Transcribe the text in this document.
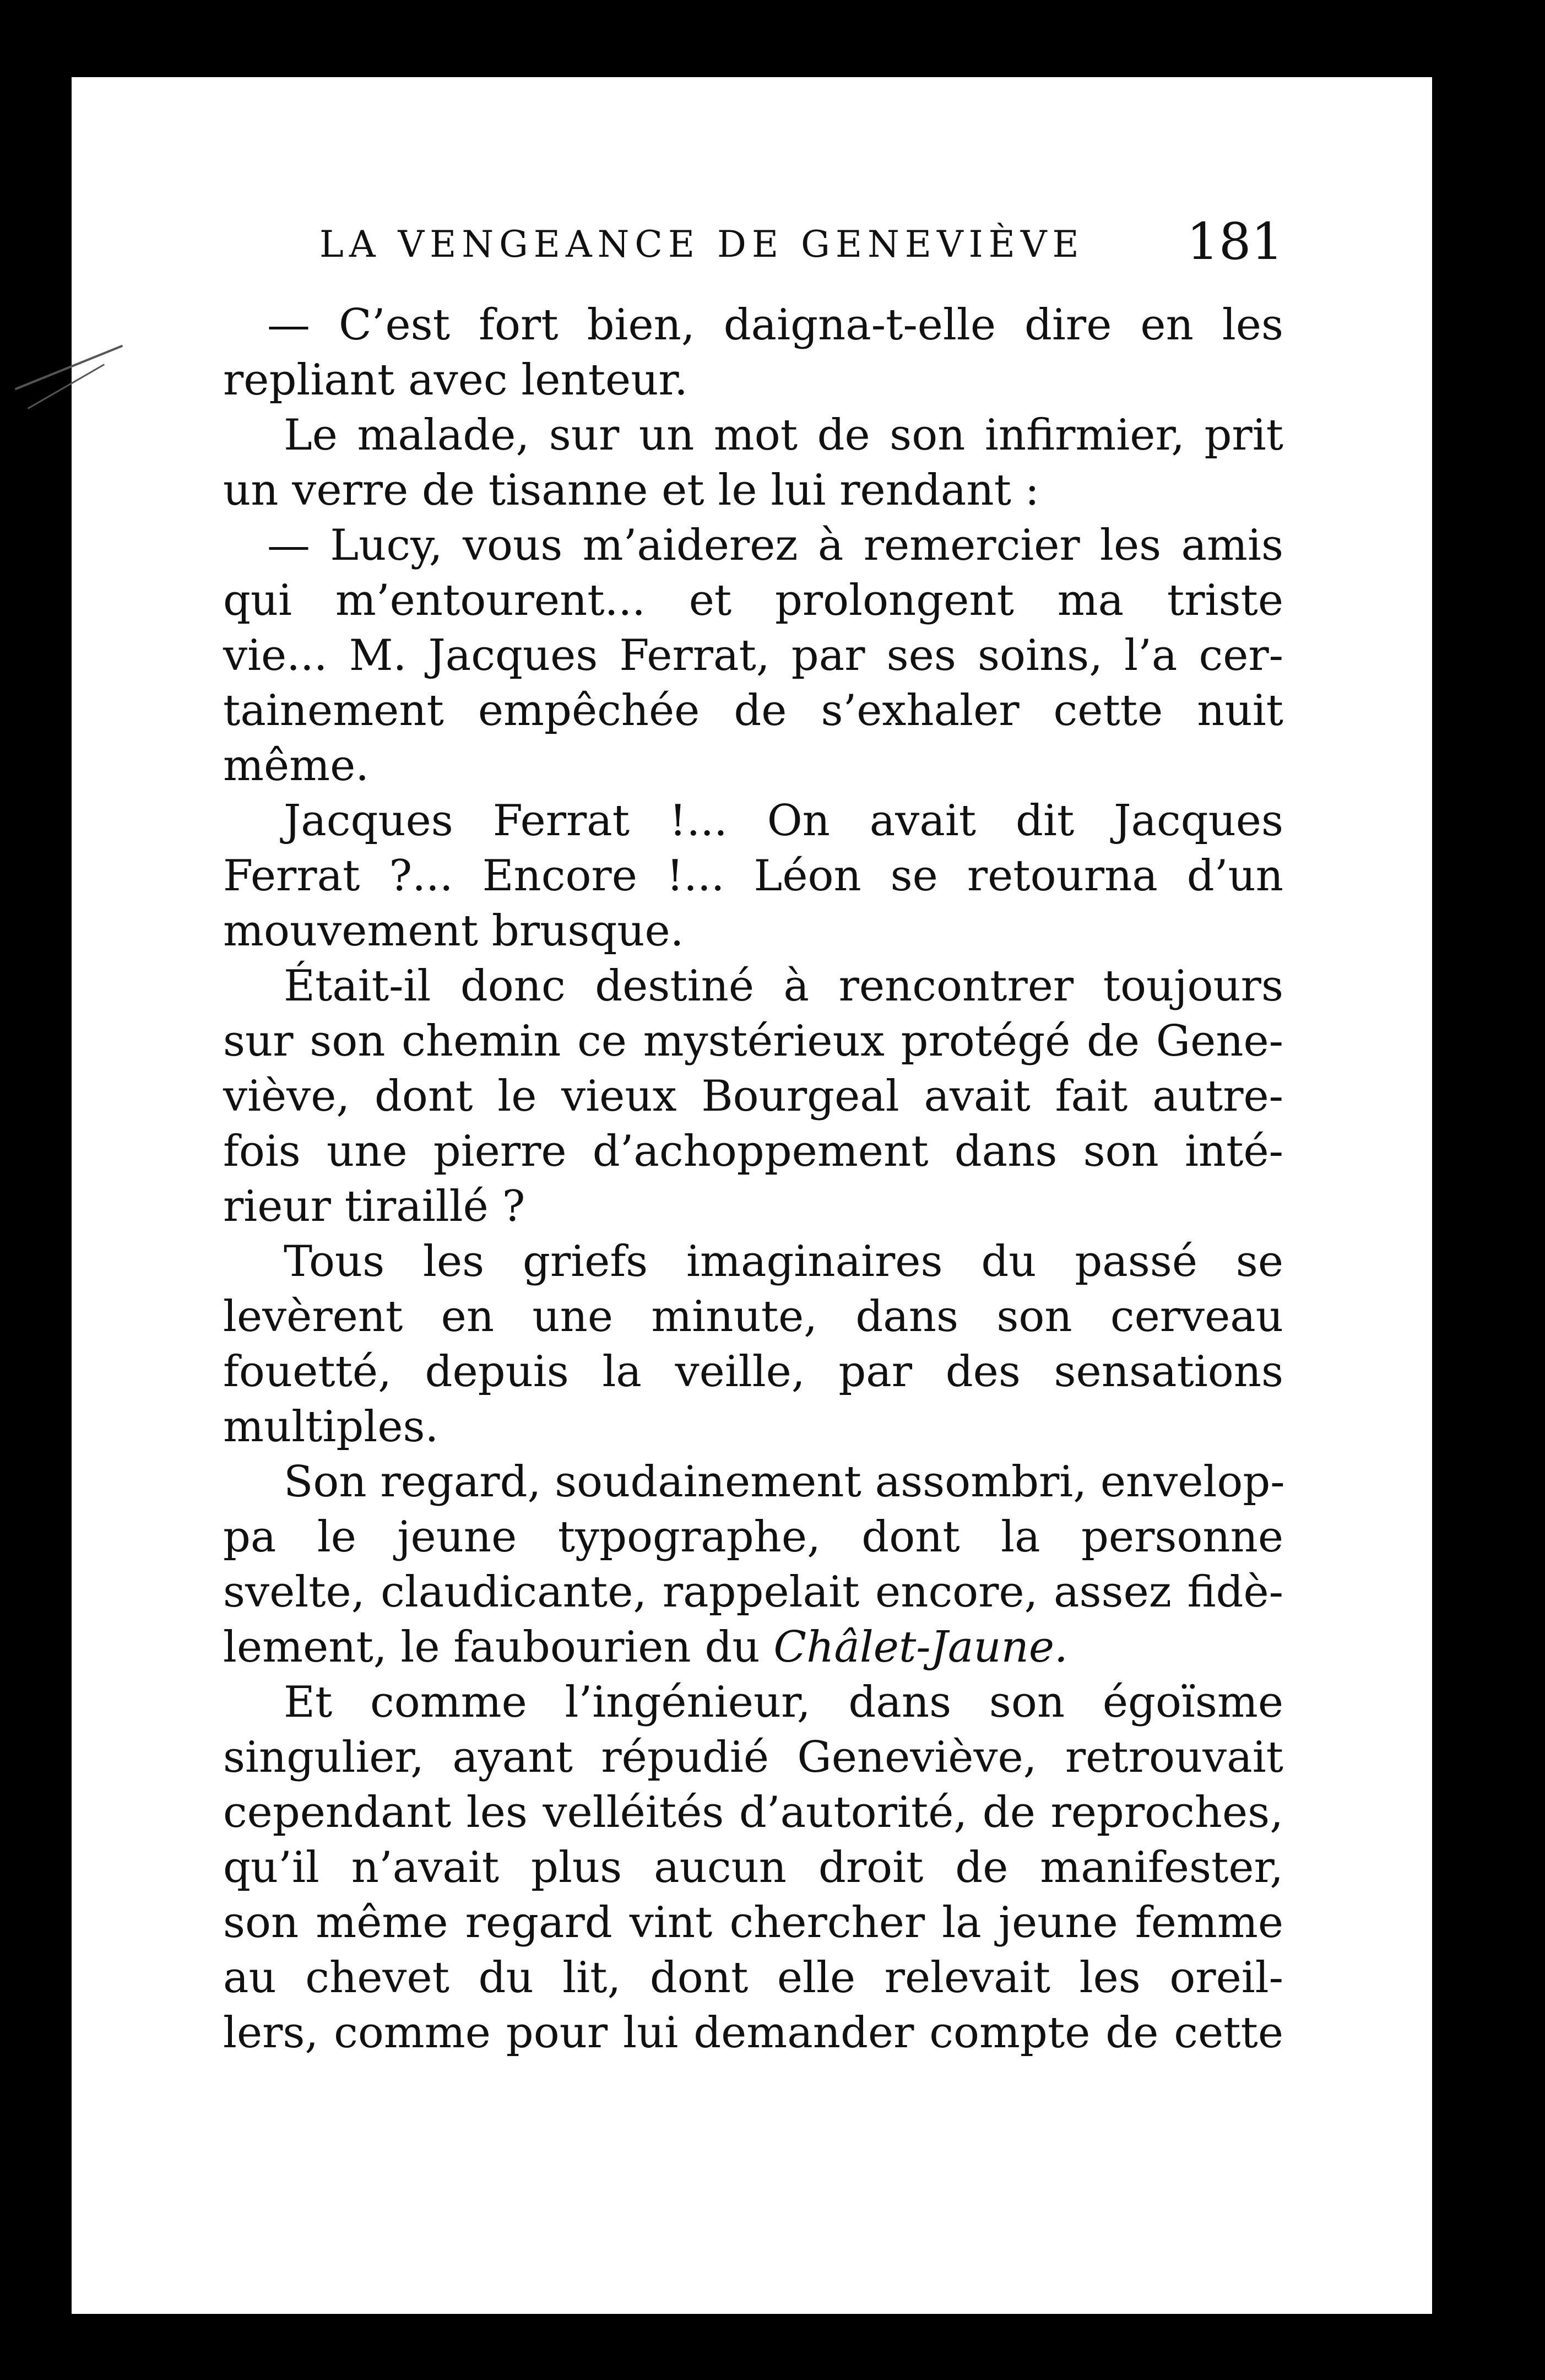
LA VENGEANCE DE GENEVIÈVE 181
— C’est fort bien, daigna-t-elle dire en les
repliant avec lenteur.
Le malade, sur un mot de son infirmier, prit
un verre de tisanne et le lui rendant :
— Lucy, vous m’aiderez à remercier les amis
qui m’entourent... et prolongent ma triste
vie... M. Jacques Ferrat, par ses soins, l’a cer-
tainement empêchée de s’exhaler cette nuit
même.
Jacques Ferrat !... On avait dit Jacques
Ferrat ?... Encore !... Léon se retourna d’un
mouvement brusque.
Était-il donc destiné à rencontrer toujours
sur son chemin ce mystérieux protégé de Gene-
viève, dont le vieux Bourgeal avait fait autre-
fois une pierre d’achoppement dans son inté-
rieur tiraillé ?
Tous les griefs imaginaires du passé se
levèrent en une minute, dans son cerveau
fouetté, depuis la veille, par des sensations
multiples.
Son regard, soudainement assombri, envelop-
pa le jeune typographe, dont la personne
svelte, claudicante, rappelait encore, assez fidè-
lement, le faubourien du Châlet-Jaune.
Et comme l’ingénieur, dans son égoïsme
singulier, ayant répudié Geneviève, retrouvait
cependant les velléités d’autorité, de reproches,
qu’il n’avait plus aucun droit de manifester,
son même regard vint chercher la jeune femme
au chevet du lit, dont elle relevait les oreil-
lers, comme pour lui demander compte de cette
